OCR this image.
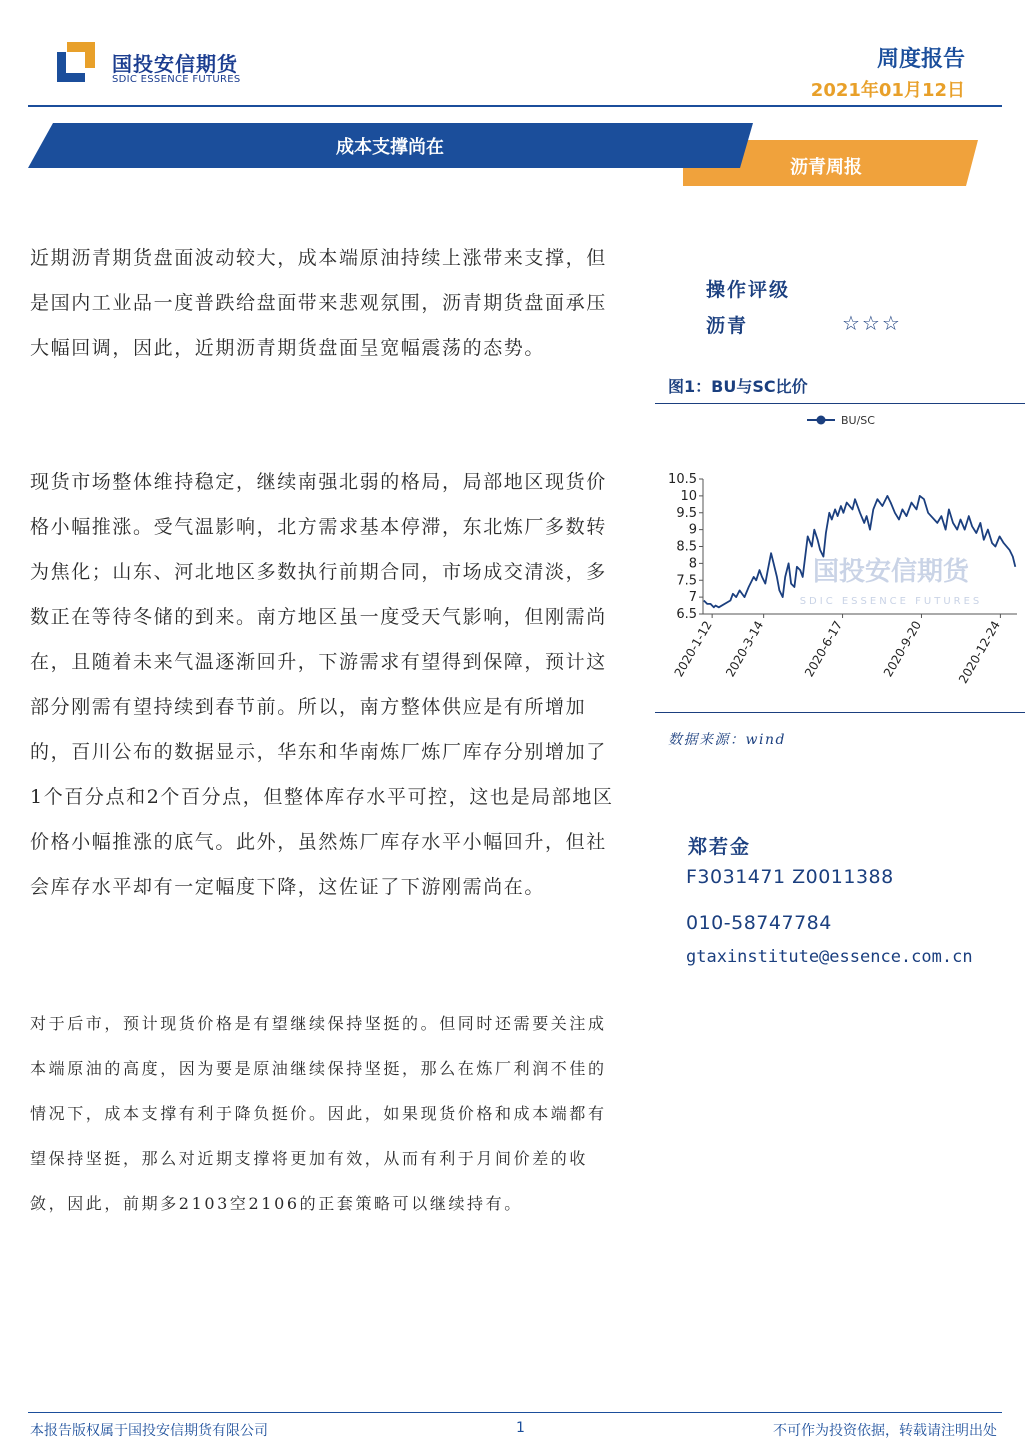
国投安信期货
SDIC ESSENCE FUTURES
周度报告
2021年01月12日
成本支撑尚在
沥青周报
近期沥青期货盘面波动较大，成本端原油持续上涨带来支撑，但是国内工业品一度普跌给盘面带来悲观氛围，沥青期货盘面承压大幅回调，因此，近期沥青期货盘面呈宽幅震荡的态势。
现货市场整体维持稳定，继续南强北弱的格局，局部地区现货价格小幅推涨。受气温影响，北方需求基本停滞，东北炼厂多数转为焦化；山东、河北地区多数执行前期合同，市场成交清淡，多数正在等待冬储的到来。南方地区虽一度受天气影响，但刚需尚在，且随着未来气温逐渐回升，下游需求有望得到保障，预计这部分刚需有望持续到春节前。所以，南方整体供应是有所增加的，百川公布的数据显示，华东和华南炼厂炼厂库存分别增加了1个百分点和2个百分点，但整体库存水平可控，这也是局部地区价格小幅推涨的底气。此外，虽然炼厂库存水平小幅回升，但社会库存水平却有一定幅度下降，这佐证了下游刚需尚在。
对于后市，预计现货价格是有望继续保持坚挺的。但同时还需要关注成本端原油的高度，因为要是原油继续保持坚挺，那么在炼厂利润不佳的情况下，成本支撑有利于降负挺价。因此，如果现货价格和成本端都有望保持坚挺，那么对近期支撑将更加有效，从而有利于月间价差的收敛，因此，前期多2103空2106的正套策略可以继续持有。
操作评级
沥青	☆☆☆
图1：BU与SC比价
国投安信期货
SDIC ESSENCE FUTURES
BU/SC
6.5
7
7.5
8
8.5
9
9.5
10
10.5
2020-1-12 2020-3-14	2020-6-17	2020-9-20	2020-12-24
数据来源：wind
郑若金
F3031471 Z0011388
010-58747784
gtaxinstitute@essence.com.cn
本报告版权属于国投安信期货有限公司	1	不可作为投资依据，转载请注明出处
